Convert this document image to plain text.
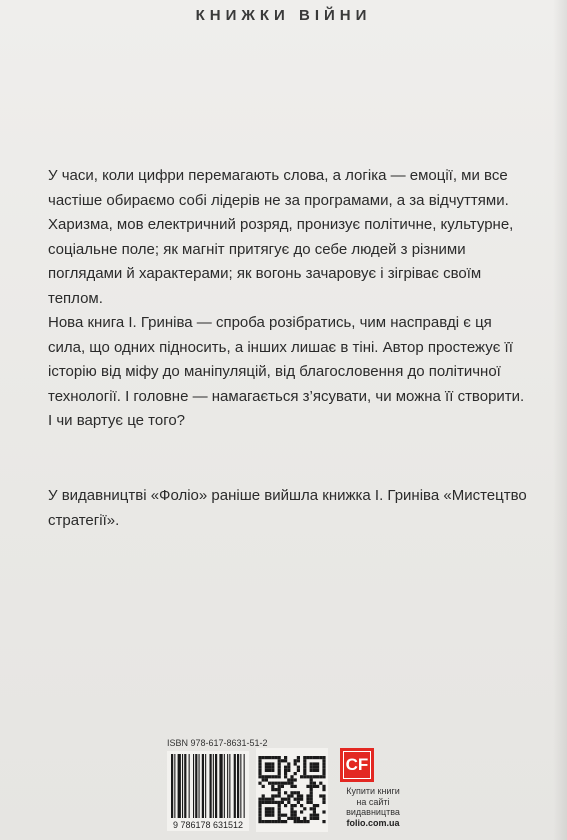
КНИЖКИ ВІЙНИ
У часи, коли цифри перемагають слова, а логіка — емоції, ми все
частіше обираємо собі лідерів не за програмами, а за відчуттями.
Харизма, мов електричний розряд, пронизує політичне, культурне,
соціальне поле; як магніт притягує до себе людей з різними
поглядами й характерами; як вогонь зачаровує і зігріває своїм
теплом.
Нова книга І. Гриніва — спроба розібратись, чим насправді є ця
сила, що одних підносить, а інших лишає в тіні. Автор простежує її
історію від міфу до маніпуляцій, від благословення до політичної
технології. І головне — намагається з’ясувати, чи можна її створити.
І чи вартує це того?
У видавництві «Фоліо» раніше вийшла книжка І. Гриніва «Мистецтво
стратегії».
ISBN 978-617-8631-51-2
9 786178 631512
CF
Купити книги
на сайті
видавництва
folio.com.ua
